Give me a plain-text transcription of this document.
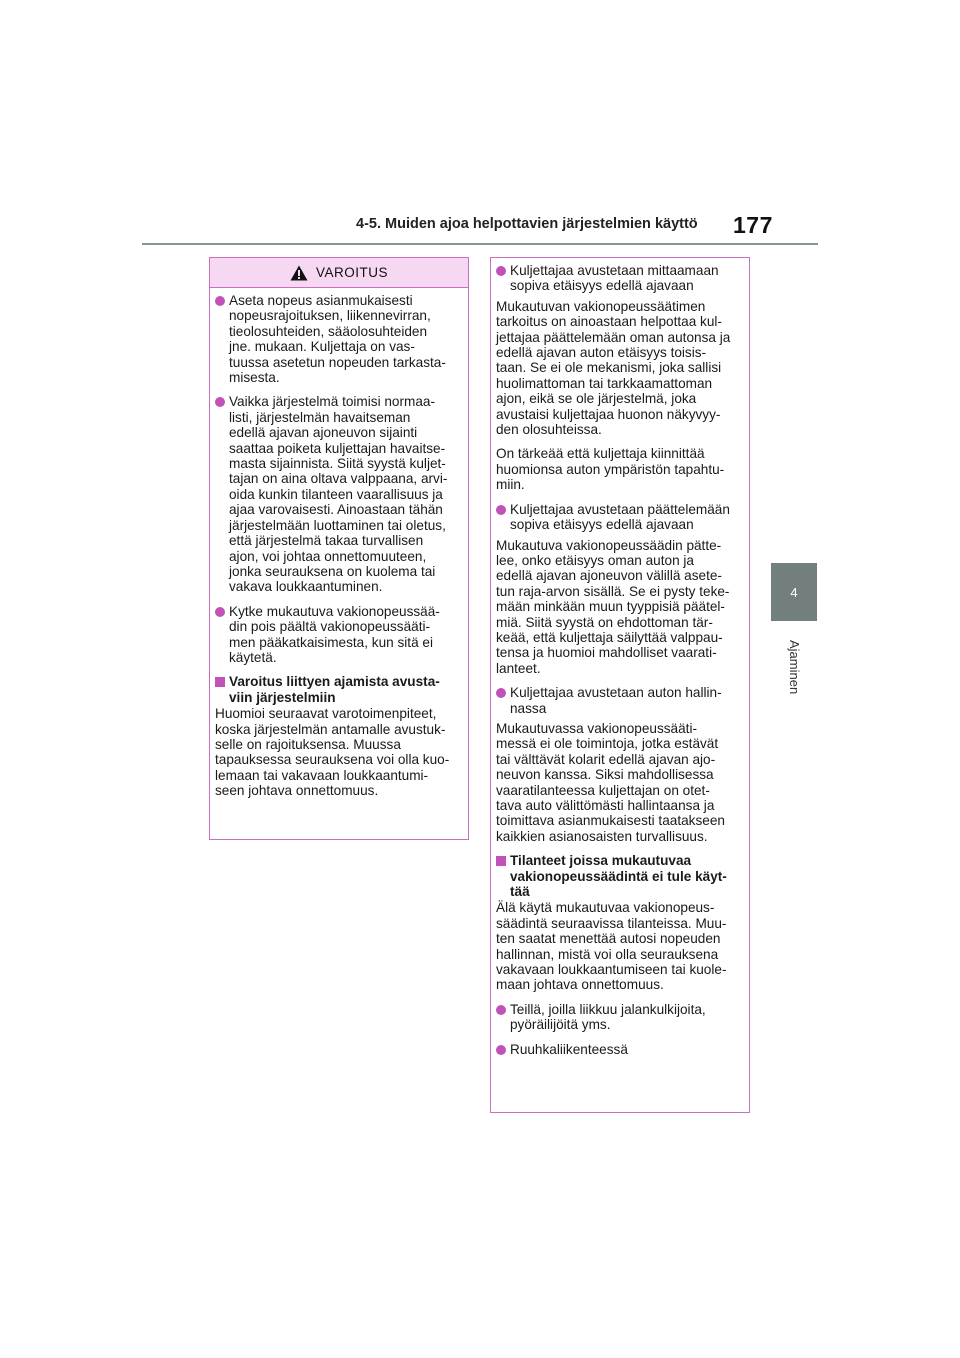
4-5. Muiden ajoa helpottavien järjestelmien käyttö 177
4
Ajaminen
VAROITUS
Aseta nopeus asianmukaisesti
nopeusrajoituksen, liikennevirran,
tieolosuhteiden, sääolosuhteiden
jne. mukaan. Kuljettaja on vas-
tuussa asetetun nopeuden tarkasta-
misesta.
Vaikka järjestelmä toimisi normaa-
listi, järjestelmän havaitseman
edellä ajavan ajoneuvon sijainti
saattaa poiketa kuljettajan havaitse-
masta sijainnista. Siitä syystä kuljet-
tajan on aina oltava valppaana, arvi-
oida kunkin tilanteen vaarallisuus ja
ajaa varovaisesti. Ainoastaan tähän
järjestelmään luottaminen tai oletus,
että järjestelmä takaa turvallisen
ajon, voi johtaa onnettomuuteen,
jonka seurauksena on kuolema tai
vakava loukkaantuminen.
Kytke mukautuva vakionopeussää-
din pois päältä vakionopeussääti-
men pääkatkaisimesta, kun sitä ei
käytetä.
Varoitus liittyen ajamista avusta-
viin järjestelmiin
Huomioi seuraavat varotoimenpiteet,
koska järjestelmän antamalle avustuk-
selle on rajoituksensa. Muussa
tapauksessa seurauksena voi olla kuo-
lemaan tai vakavaan loukkaantumi-
seen johtava onnettomuus.
Kuljettajaa avustetaan mittaamaan
sopiva etäisyys edellä ajavaan
Mukautuvan vakionopeussäätimen
tarkoitus on ainoastaan helpottaa kul-
jettajaa päättelemään oman autonsa ja
edellä ajavan auton etäisyys toisis-
taan. Se ei ole mekanismi, joka sallisi
huolimattoman tai tarkkaamattoman
ajon, eikä se ole järjestelmä, joka
avustaisi kuljettajaa huonon näkyvyy-
den olosuhteissa.
On tärkeää että kuljettaja kiinnittää
huomionsa auton ympäristön tapahtu-
miin.
Kuljettajaa avustetaan päättelemään
sopiva etäisyys edellä ajavaan
Mukautuva vakionopeussäädin pätte-
lee, onko etäisyys oman auton ja
edellä ajavan ajoneuvon välillä asete-
tun raja-arvon sisällä. Se ei pysty teke-
mään minkään muun tyyppisiä päätel-
miä. Siitä syystä on ehdottoman tär-
keää, että kuljettaja säilyttää valppau-
tensa ja huomioi mahdolliset vaarati-
lanteet.
Kuljettajaa avustetaan auton hallin-
nassa
Mukautuvassa vakionopeussääti-
messä ei ole toimintoja, jotka estävät
tai välttävät kolarit edellä ajavan ajo-
neuvon kanssa. Siksi mahdollisessa
vaaratilanteessa kuljettajan on otet-
tava auto välittömästi hallintaansa ja
toimittava asianmukaisesti taatakseen
kaikkien asianosaisten turvallisuus.
Tilanteet joissa mukautuvaa
vakionopeussäädintä ei tule käyt-
tää
Älä käytä mukautuvaa vakionopeus-
säädintä seuraavissa tilanteissa. Muu-
ten saatat menettää autosi nopeuden
hallinnan, mistä voi olla seurauksena
vakavaan loukkaantumiseen tai kuole-
maan johtava onnettomuus.
Teillä, joilla liikkuu jalankulkijoita,
pyöräilijöitä yms.
Ruuhkaliikenteessä
